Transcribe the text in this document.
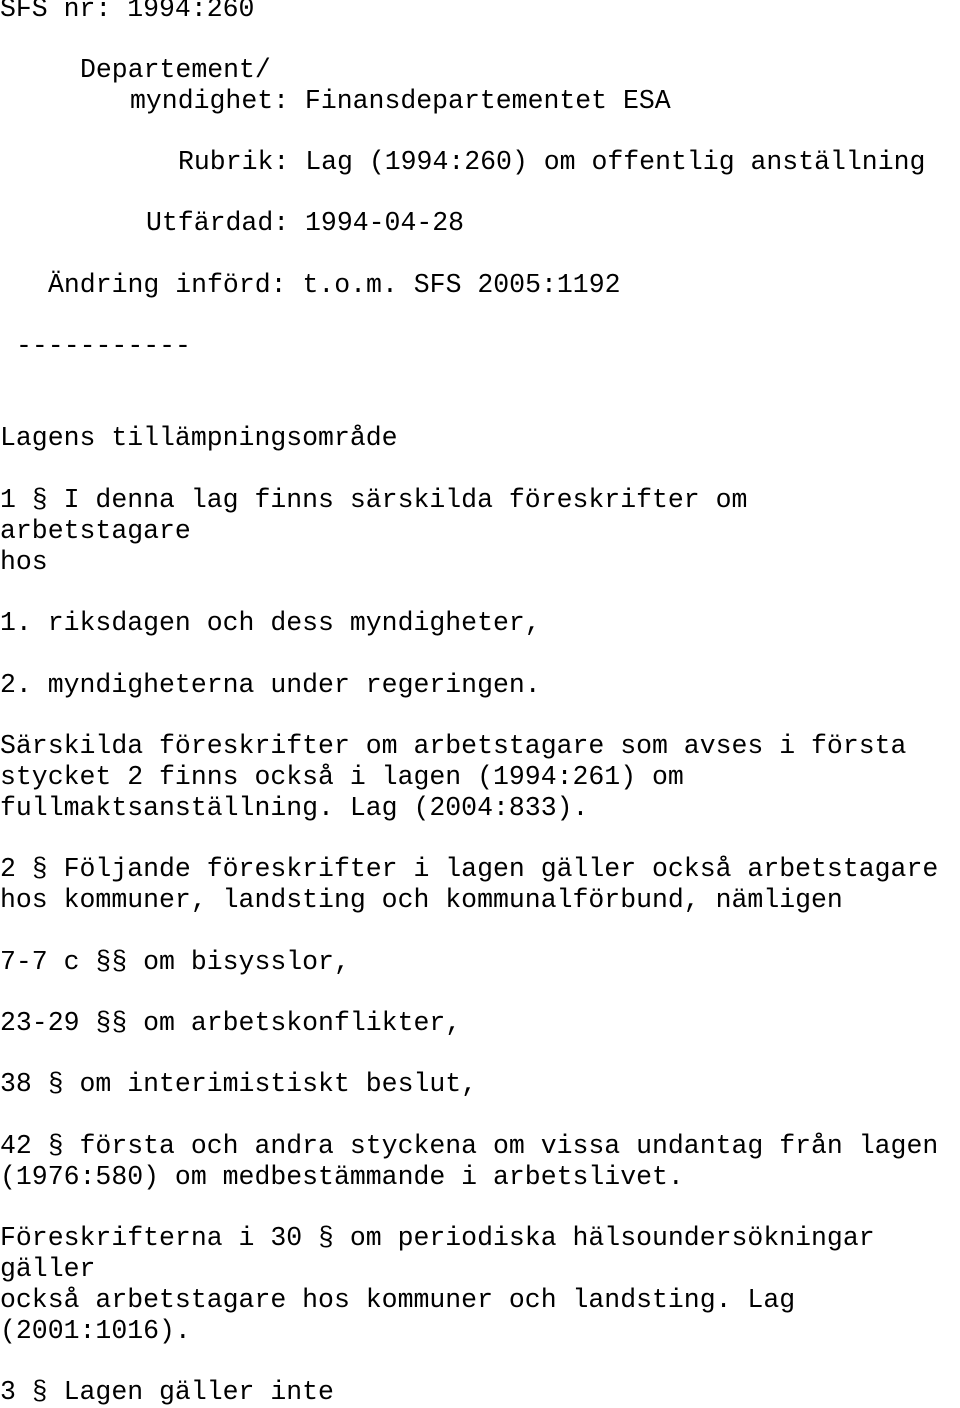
SFS nr: 1994:260

Departement/

myndighet: Finansdepartementet ESA

Rubrik: Lag (1994:260) om offentlig anställning

Utfärdad: 1994-04-28

Ändring införd: t.o.m. SFS 2005:1192

-----------

Lagens tillämpningsområde

1 § I denna lag finns särskilda föreskrifter om

arbetstagare

hos

1. riksdagen och dess myndigheter,

2. myndigheterna under regeringen.

Särskilda föreskrifter om arbetstagare som avses i första

stycket 2 finns också i lagen (1994:261) om

fullmaktsanställning. Lag (2004:833).

2 § Följande föreskrifter i lagen gäller också arbetstagare

hos kommuner, landsting och kommunalförbund, nämligen

7-7 c §§ om bisysslor,

23-29 §§ om arbetskonflikter,

38 § om interimistiskt beslut,

42 § första och andra styckena om vissa undantag från lagen

(1976:580) om medbestämmande i arbetslivet.

Föreskrifterna i 30 § om periodiska hälsoundersökningar

gäller

också arbetstagare hos kommuner och landsting. Lag

(2001:1016).

3 § Lagen gäller inte
